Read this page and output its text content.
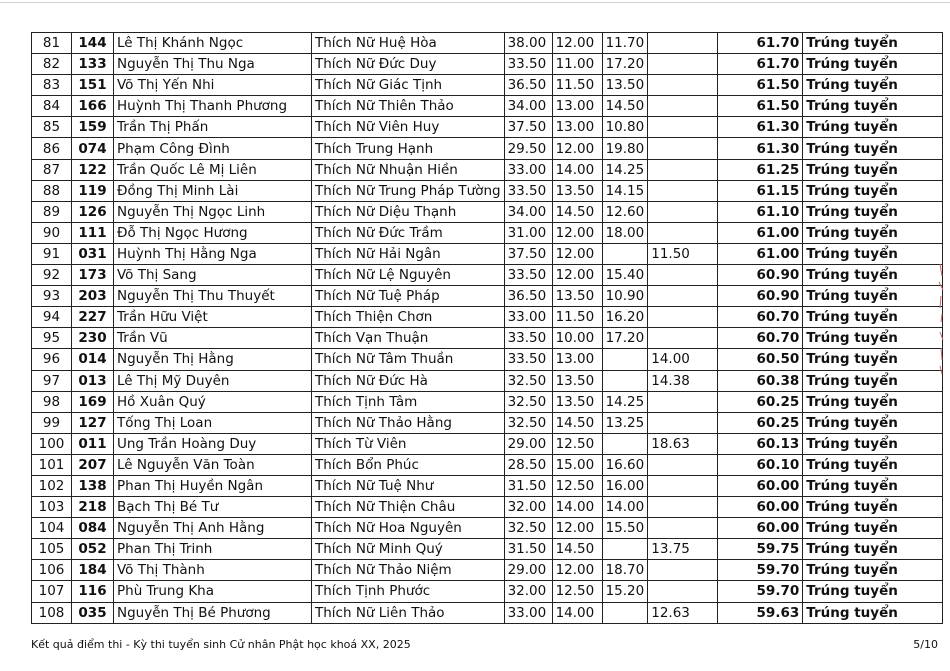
81	144	Lê Thị Khánh Ngọc	Thích Nữ Huệ Hòa	38.00	12.00	11.70		61.70	Trúng tuyển
82	133	Nguyễn Thị Thu Nga	Thích Nữ Đức Duy	33.50	11.00	17.20		61.70	Trúng tuyển
83	151	Võ Thị Yến Nhi	Thích Nữ Giác Tịnh	36.50	11.50	13.50		61.50	Trúng tuyển
84	166	Huỳnh Thị Thanh Phương	Thích Nữ Thiên Thảo	34.00	13.00	14.50		61.50	Trúng tuyển
85	159	Trần Thị Phấn	Thích Nữ Viên Huy	37.50	13.00	10.80		61.30	Trúng tuyển
86	074	Phạm Công Đình	Thích Trung Hạnh	29.50	12.00	19.80		61.30	Trúng tuyển
87	122	Trần Quốc Lê Mị Liên	Thích Nữ Nhuận Hiền	33.00	14.00	14.25		61.25	Trúng tuyển
88	119	Đồng Thị Minh Lài	Thích Nữ Trung Pháp Tường	33.50	13.50	14.15		61.15	Trúng tuyển
89	126	Nguyễn Thị Ngọc Linh	Thích Nữ Diệu Thạnh	34.00	14.50	12.60		61.10	Trúng tuyển
90	111	Đỗ Thị Ngọc Hương	Thích Nữ Đức Trầm	31.00	12.00	18.00		61.00	Trúng tuyển
91	031	Huỳnh Thị Hằng Nga	Thích Nữ Hải Ngân	37.50	12.00		11.50	61.00	Trúng tuyển
92	173	Võ Thị Sang	Thích Nữ Lệ Nguyên	33.50	12.00	15.40		60.90	Trúng tuyển
93	203	Nguyễn Thị Thu Thuyết	Thích Nữ Tuệ Pháp	36.50	13.50	10.90		60.90	Trúng tuyển
94	227	Trần Hữu Việt	Thích Thiện Chơn	33.00	11.50	16.20		60.70	Trúng tuyển
95	230	Trần Vũ	Thích Vạn Thuận	33.50	10.00	17.20		60.70	Trúng tuyển
96	014	Nguyễn Thị Hằng	Thích Nữ Tâm Thuần	33.50	13.00		14.00	60.50	Trúng tuyển
97	013	Lê Thị Mỹ Duyên	Thích Nữ Đức Hà	32.50	13.50		14.38	60.38	Trúng tuyển
98	169	Hồ Xuân Quý	Thích Tịnh Tâm	32.50	13.50	14.25		60.25	Trúng tuyển
99	127	Tống Thị Loan	Thích Nữ Thảo Hằng	32.50	14.50	13.25		60.25	Trúng tuyển
100	011	Ung Trần Hoàng Duy	Thích Từ Viên	29.00	12.50		18.63	60.13	Trúng tuyển
101	207	Lê Nguyễn Văn Toàn	Thích Bổn Phúc	28.50	15.00	16.60		60.10	Trúng tuyển
102	138	Phan Thị Huyền Ngân	Thích Nữ Tuệ Như	31.50	12.50	16.00		60.00	Trúng tuyển
103	218	Bạch Thị Bé Tư	Thích Nữ Thiện Châu	32.00	14.00	14.00		60.00	Trúng tuyển
104	084	Nguyễn Thị Anh Hằng	Thích Nữ Hoa Nguyên	32.50	12.00	15.50		60.00	Trúng tuyển
105	052	Phan Thị Trinh	Thích Nữ Minh Quý	31.50	14.50		13.75	59.75	Trúng tuyển
106	184	Võ Thị Thành	Thích Nữ Thảo Niệm	29.00	12.00	18.70		59.70	Trúng tuyển
107	116	Phù Trung Kha	Thích Tịnh Phước	32.00	12.50	15.20		59.70	Trúng tuyển
108	035	Nguyễn Thị Bé Phương	Thích Nữ Liên Thảo	33.00	14.00		12.63	59.63	Trúng tuyển
Kết quả điểm thi - Kỳ thi tuyển sinh Cử nhân Phật học khoá XX, 2025	5/10
